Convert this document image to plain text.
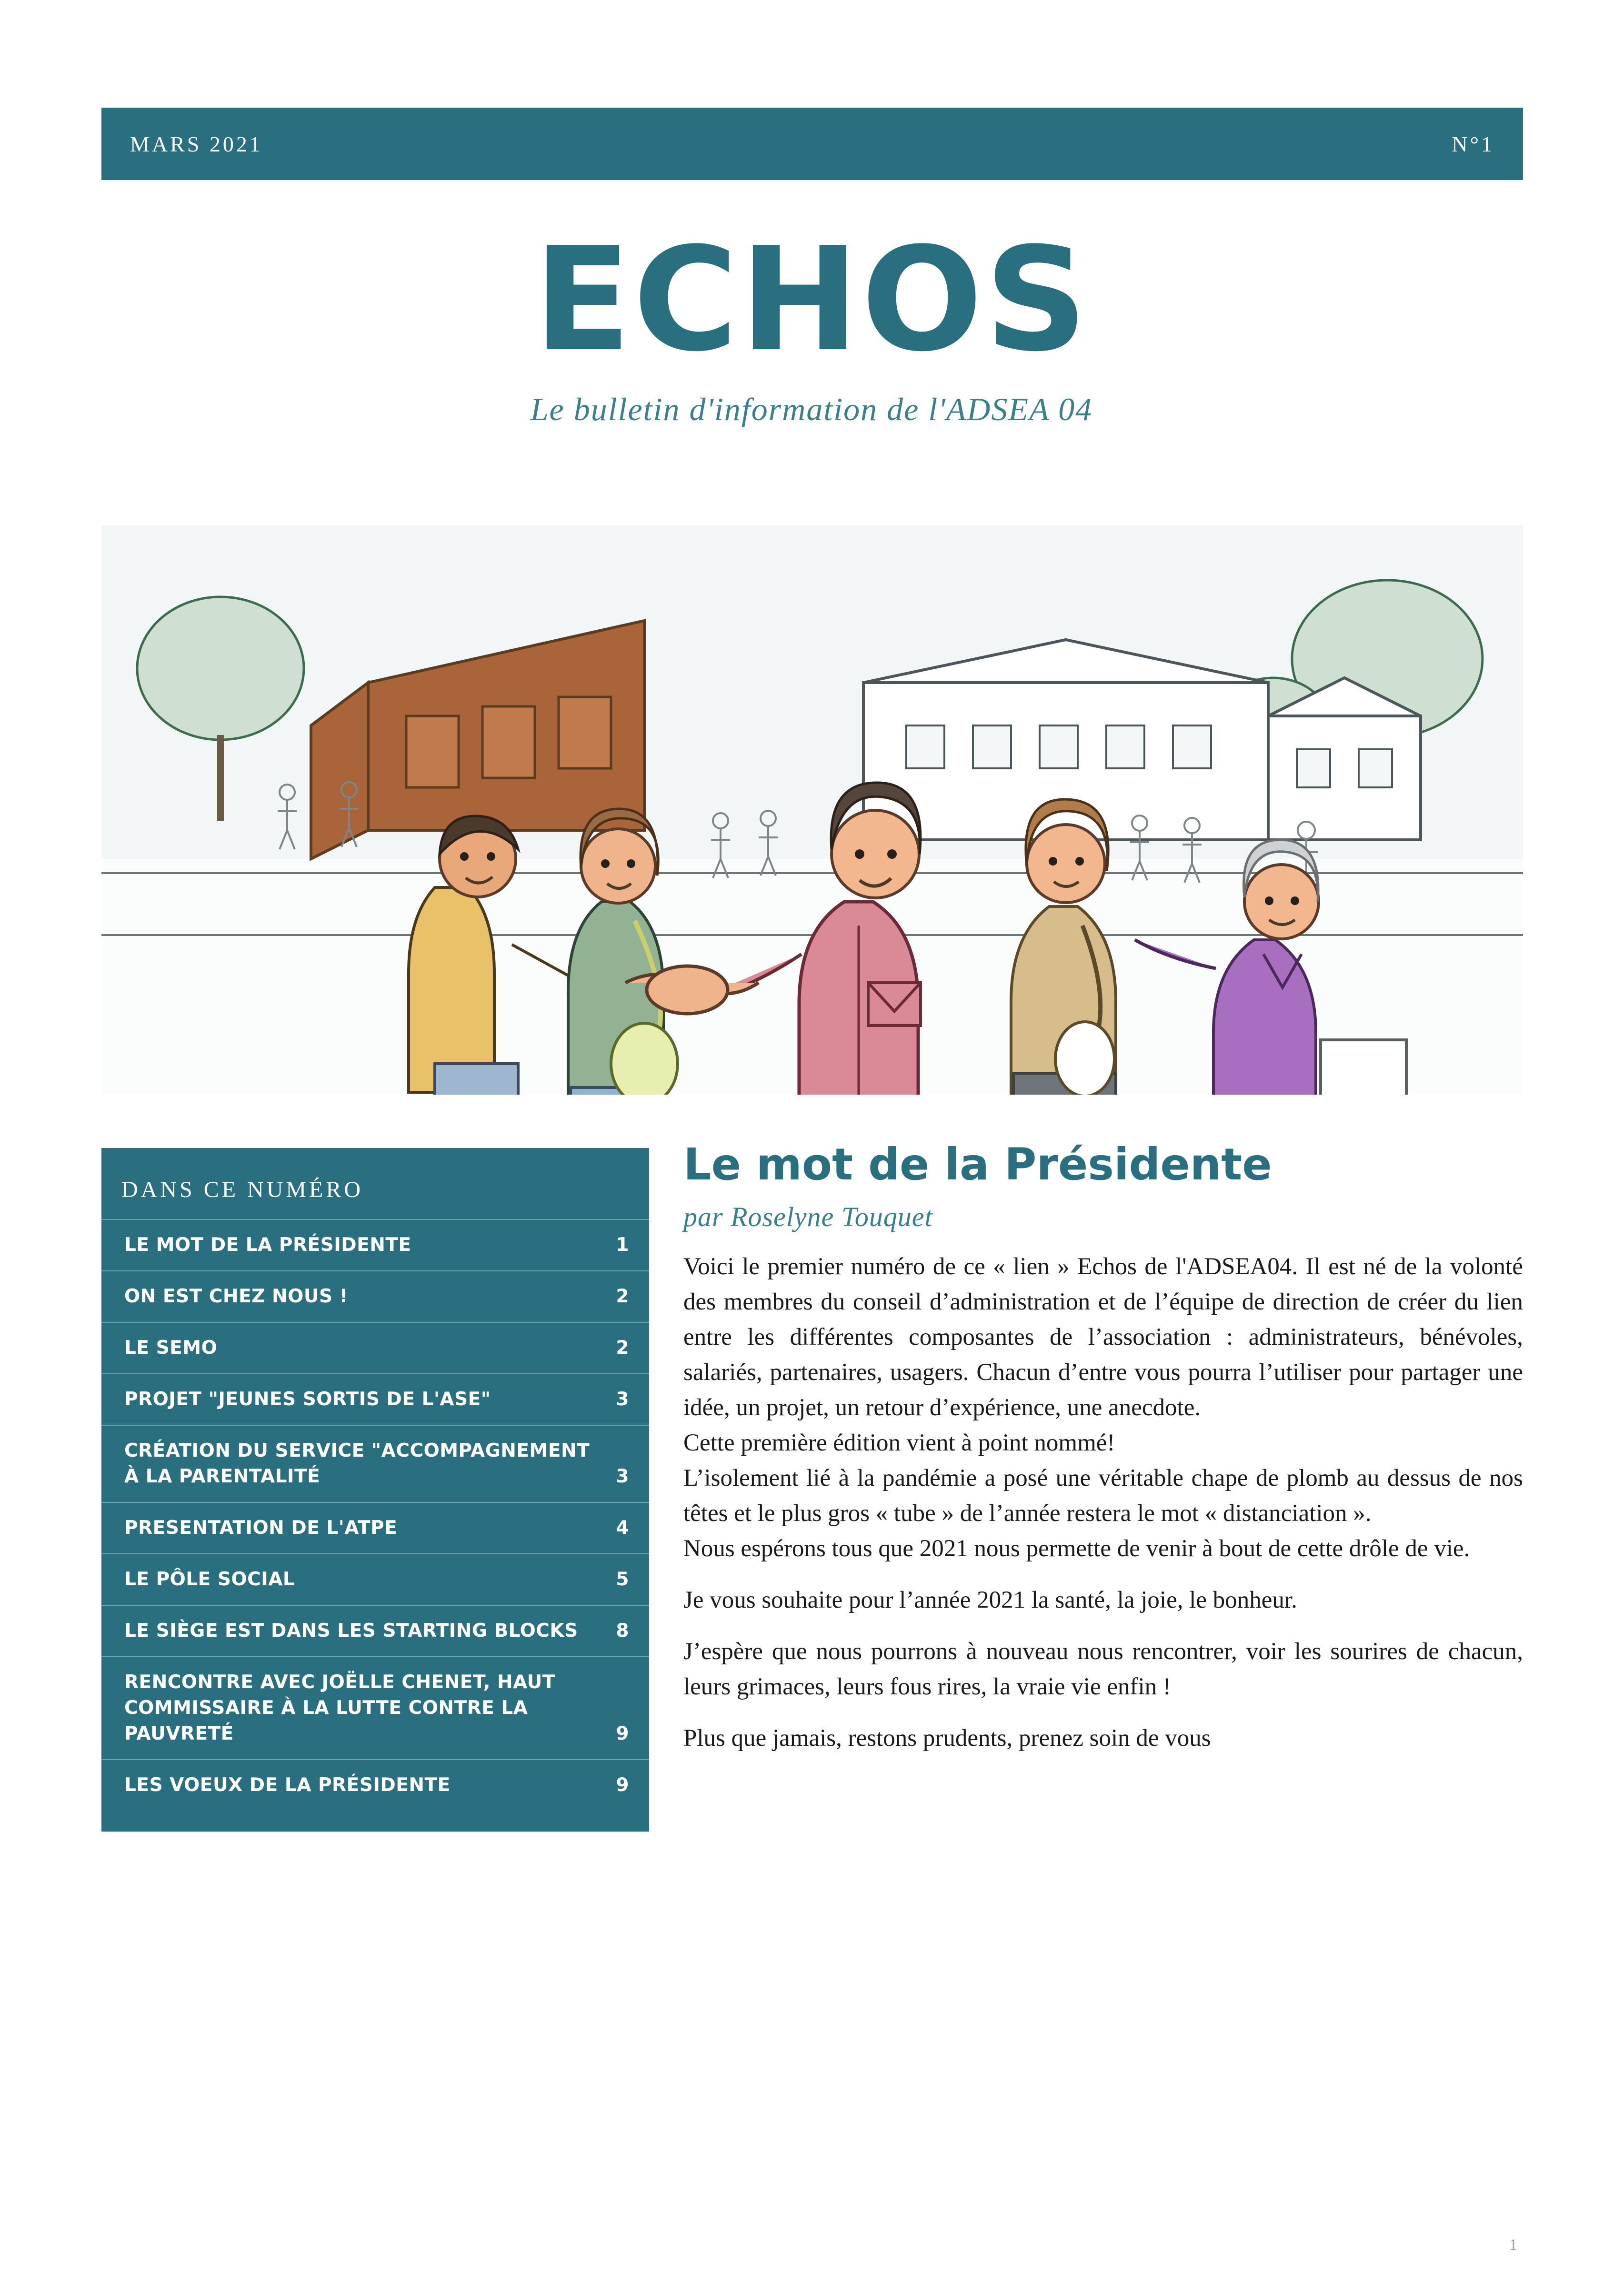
MARS 2021	N°1
ECHOS
Le bulletin d'information de l'ADSEA 04
DANS CE NUMÉRO
LE MOT DE LA PRÉSIDENTE	1
ON EST CHEZ NOUS !	2
LE SEMO	2
PROJET "JEUNES SORTIS DE L'ASE"	3
CRÉATION DU SERVICE "ACCOMPAGNEMENT À LA PARENTALITÉ	3
PRESENTATION DE L'ATPE	4
LE PÔLE SOCIAL	5
LE SIÈGE EST DANS LES STARTING BLOCKS	8
RENCONTRE AVEC JOËLLE CHENET, HAUT COMMISSAIRE À LA LUTTE CONTRE LA PAUVRETÉ	9
LES VOEUX DE LA PRÉSIDENTE	9
Le mot de la Présidente
par Roselyne Touquet

Voici le premier numéro de ce « lien » Echos de l'ADSEA04. Il est né de la volonté des membres du conseil d’administration et de l’équipe de direction de créer du lien entre les différentes composantes de l’association : administrateurs, bénévoles, salariés, partenaires, usagers. Chacun d’entre vous pourra l’utiliser pour partager une idée, un projet, un retour d’expérience, une anecdote.

Cette première édition vient à point nommé!

L’isolement lié à la pandémie a posé une véritable chape de plomb au dessus de nos têtes et le plus gros « tube » de l’année restera le mot « distanciation ».

Nous espérons tous que 2021 nous permette de venir à bout de cette drôle de vie.

Je vous souhaite pour l’année 2021 la santé, la joie, le bonheur.

J’espère que nous pourrons à nouveau nous rencontrer, voir les sourires de chacun, leurs grimaces, leurs fous rires, la vraie vie enfin !

Plus que jamais, restons prudents, prenez soin de vous

1
